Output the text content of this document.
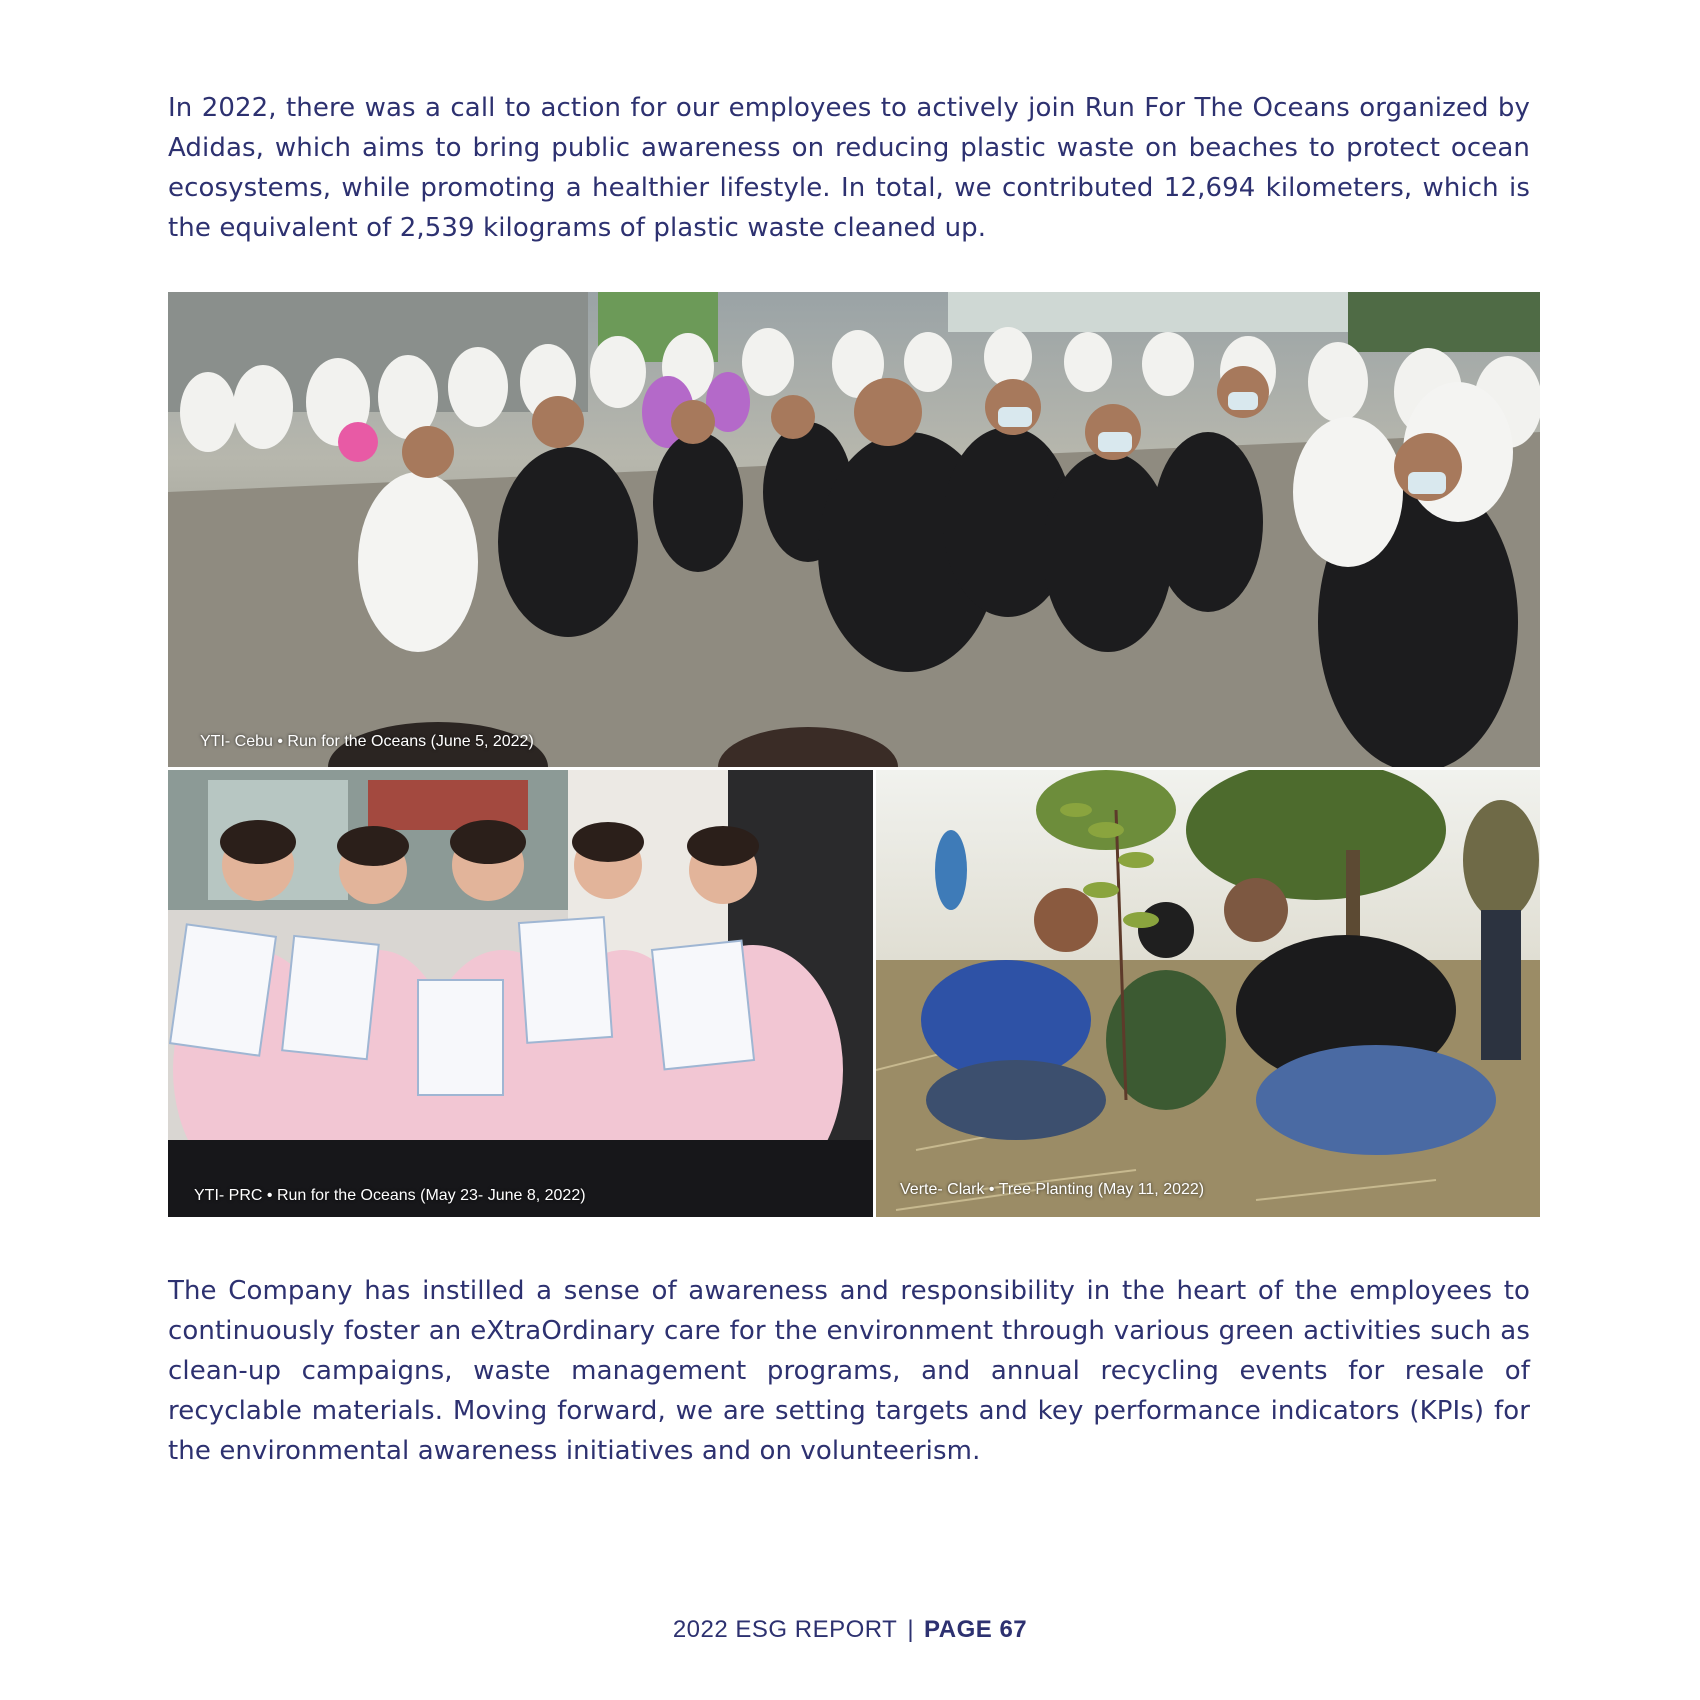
In 2022, there was a call to action for our employees to actively join Run For The Oceans organized by Adidas, which aims to bring public awareness on reducing plastic waste on beaches to protect ocean ecosystems, while promoting a healthier lifestyle. In total, we contributed 12,694 kilometers, which is the equivalent of 2,539 kilograms of plastic waste cleaned up.

YTI- Cebu • Run for the Oceans (June 5, 2022)
YTI- PRC • Run for the Oceans (May 23- June 8, 2022)	Verte- Clark • Tree Planting (May 11, 2022)

The Company has instilled a sense of awareness and responsibility in the heart of the employees to continuously foster an eXtraOrdinary care for the environment through various green activities such as clean-up campaigns, waste management programs, and annual recycling events for resale of recyclable materials. Moving forward, we are setting targets and key performance indicators (KPIs) for the environmental awareness initiatives and on volunteerism.

2022 ESG REPORT | PAGE 67
